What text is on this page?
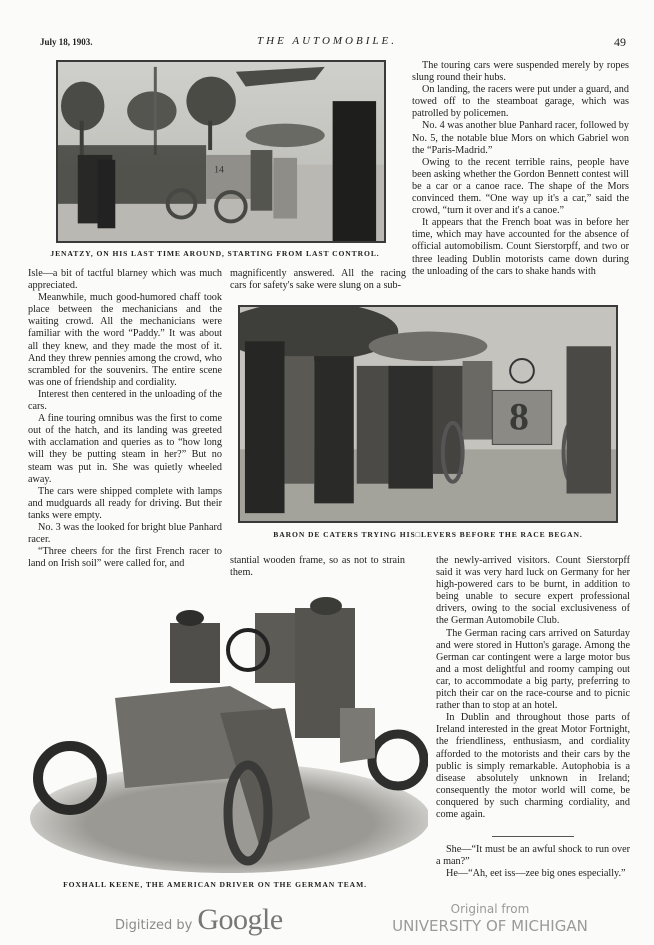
July 18, 1903.	THE AUTOMOBILE.	49
14
JENATZY, ON HIS LAST TIME AROUND, STARTING FROM LAST CONTROL.

The touring cars were suspended merely by ropes slung round their hubs.

On landing, the racers were put under a guard, and towed off to the steamboat garage, which was patrolled by policemen.

No. 4 was another blue Panhard racer, followed by No. 5, the notable blue Mors on which Gabriel won the “Paris-Madrid.”

Owing to the recent terrible rains, people have been asking whether the Gordon Bennett contest will be a car or a canoe race. The shape of the Mors convinced them. “One way up it's a car,” said the crowd, “turn it over and it's a canoe.”

It appears that the French boat was in before her time, which may have accounted for the absence of official automobilism. Count Sierstorpff, and two or three leading Dublin motorists came down during the unloading of the cars to shake hands with

Isle—a bit of tactful blarney which was much appreciated.

Meanwhile, much good-humored chaff took place between the mechanicians and the waiting crowd. All the mechanicians were familiar with the word “Paddy.” It was about all they knew, and they made the most of it. And they threw pennies among the crowd, who scrambled for the souvenirs. The entire scene was one of friendship and cordiality.

Interest then centered in the unloading of the cars.

A fine touring omnibus was the first to come out of the hatch, and its landing was greeted with acclamation and queries as to “how long will they be putting steam in her?” But no steam was put in. She was quietly wheeled away.

The cars were shipped complete with lamps and mudguards all ready for driving. But their tanks were empty.

No. 3 was the looked for bright blue Panhard racer.

“Three cheers for the first French racer to land on Irish soil” were called for, and

magnificently answered. All the racing cars for safety's sake were slung on a sub-

8
BARON DE CATERS TRYING HIS□LEVERS BEFORE THE RACE BEGAN.

stantial wooden frame, so as not to strain them.

the newly-arrived visitors. Count Sierstorpff said it was very hard luck on Germany for her high-powered cars to be burnt, in addition to being unable to secure expert professional drivers, owing to the social exclusiveness of the German Automobile Club.

The German racing cars arrived on Saturday and were stored in Hutton's garage. Among the German car contingent were a large motor bus and a most delightful and roomy camping out car, to accommodate a big party, preferring to pitch their car on the race-course and to picnic rather than to stop at an hotel.

In Dublin and throughout those parts of Ireland interested in the great Motor Fortnight, the friendliness, enthusiasm, and cordiality afforded to the motorists and their cars by the public is simply remarkable. Autophobia is a disease absolutely unknown in Ireland; consequently the motor world will come, be conquered by such charming cordiality, and come again.

She—“It must be an awful shock to run over a man?”

He—“Ah, eet iss—zee big ones especially.”

FOXHALL KEENE, THE AMERICAN DRIVER ON THE GERMAN TEAM.
Digitized by Google	Original from
UNIVERSITY OF MICHIGAN
